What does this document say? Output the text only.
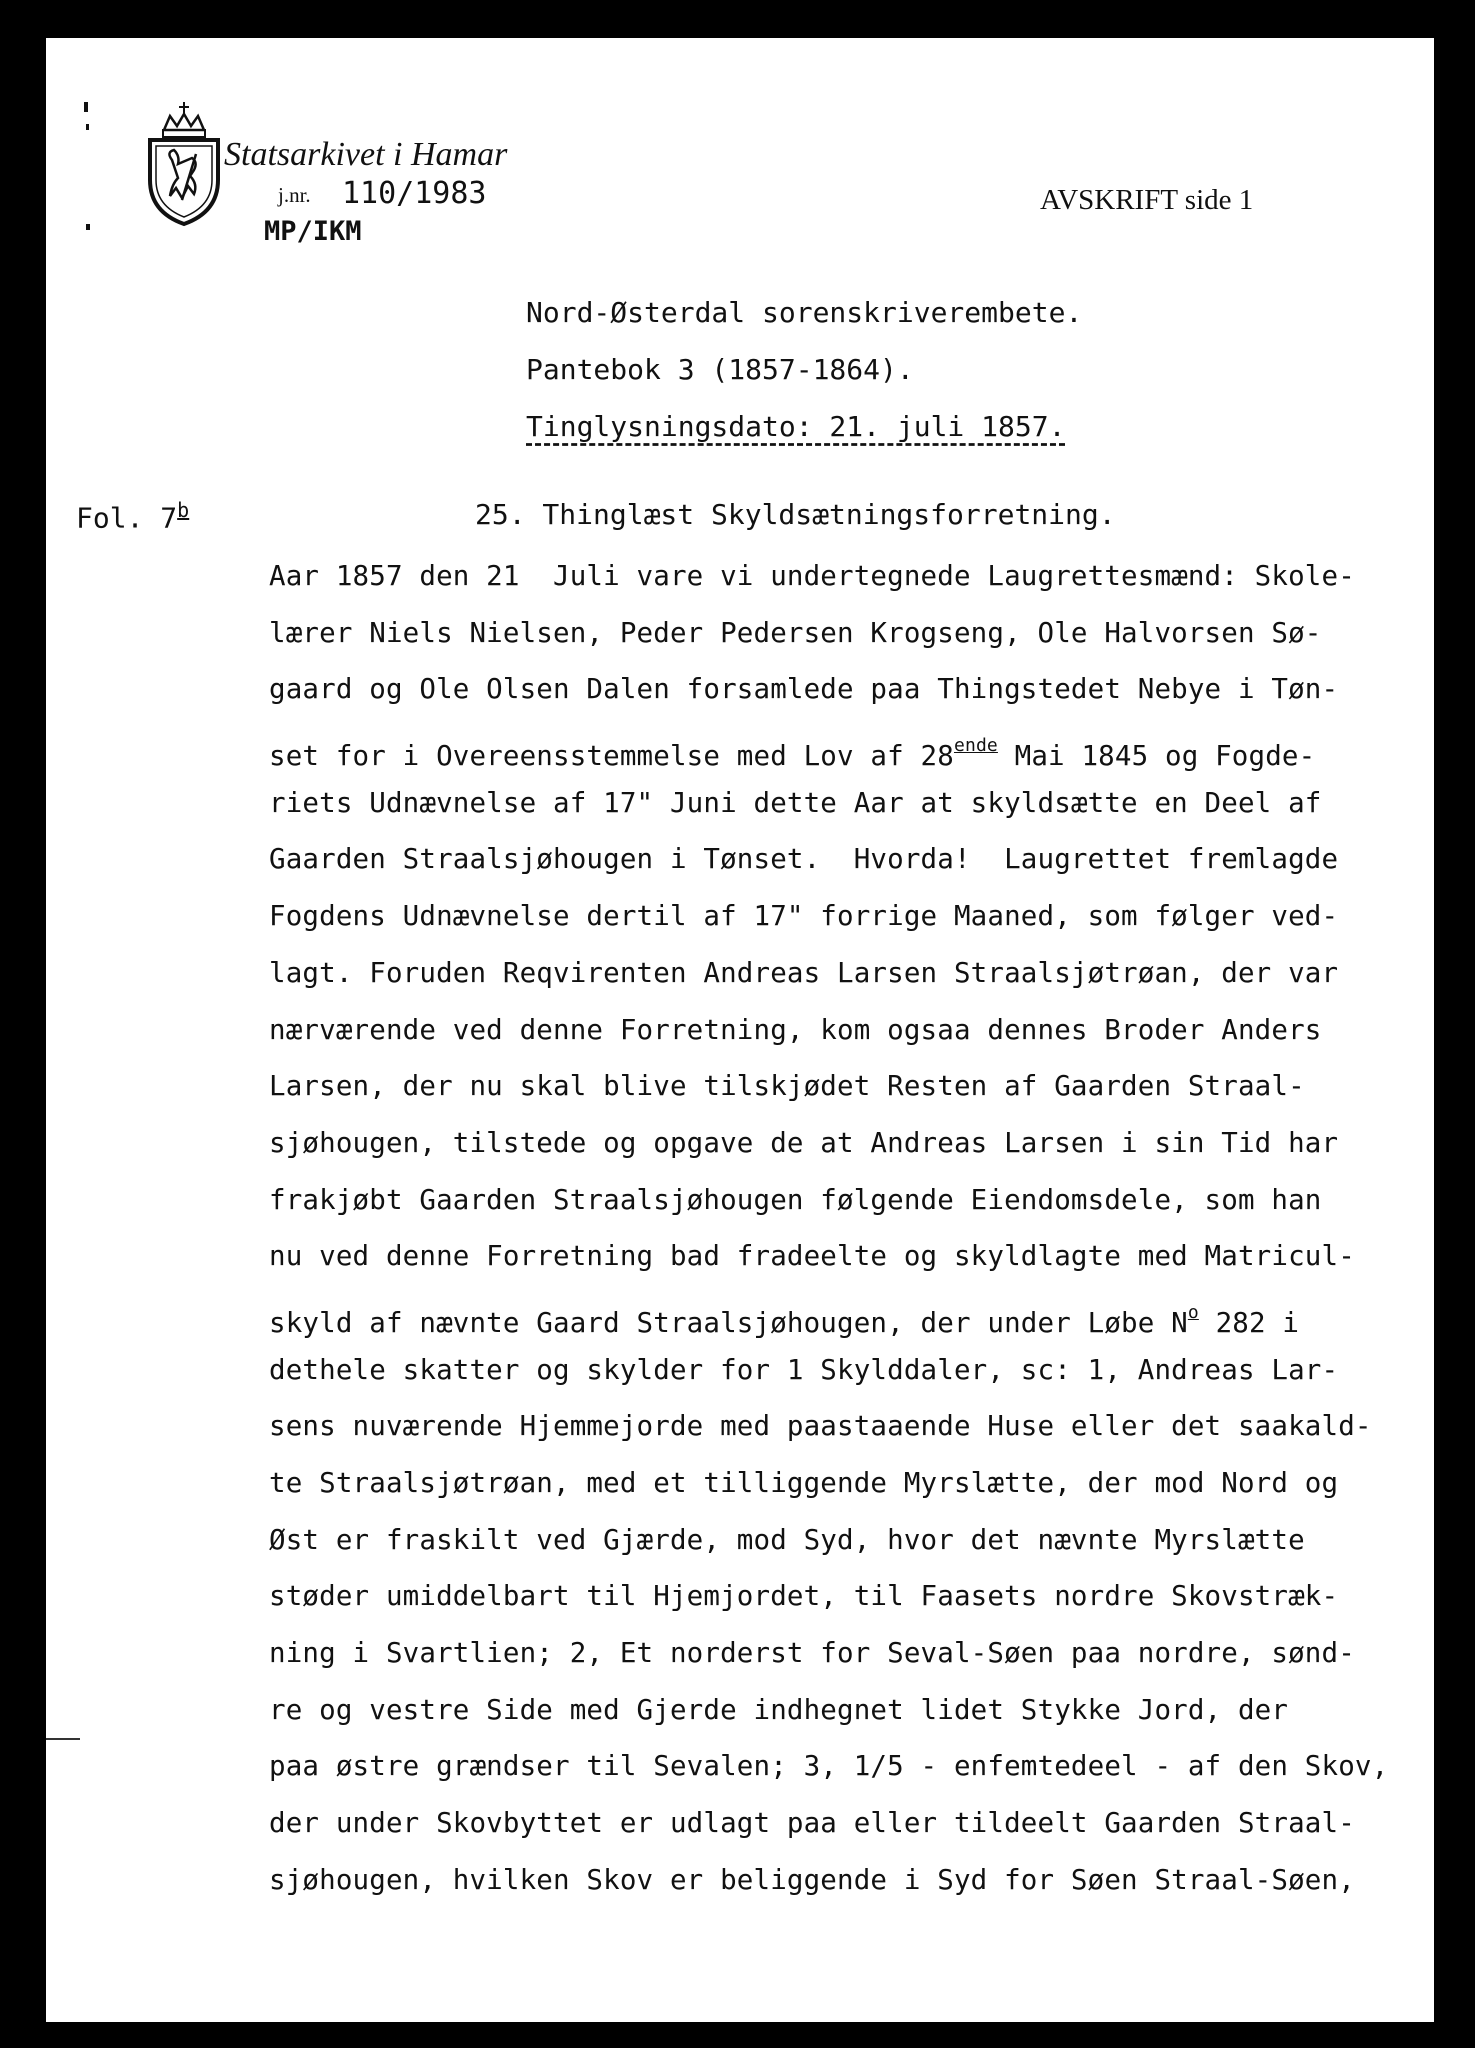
Statsarkivet i Hamar
j.nr. 110/1983
MP/IKM
AVSKRIFT side 1
Nord-Østerdal sorenskriverembete.
Pantebok 3 (1857-1864).
Tinglysningsdato: 21. juli 1857.
Fol. 7$^b$	25. Thinglæst Skyldsætningsforretning.
Aar 1857 den 21  Juli vare vi undertegnede Laugrettesmænd: Skole-
lærer Niels Nielsen, Peder Pedersen Krogseng, Ole Halvorsen Sø-
gaard og Ole Olsen Dalen forsamlede paa Thingstedet Nebye i Tøn-
set for i Overeensstemmelse med Lov af $28^{ende}$ Mai 1845 og Fogde-
riets Udnævnelse af 17" Juni dette Aar at skyldsætte en Deel af
Gaarden Straalsjøhougen i Tønset.  Hvorda!  Laugrettet fremlagde
Fogdens Udnævnelse dertil af 17" forrige Maaned, som følger ved-
lagt. Foruden Reqvirenten Andreas Larsen Straalsjøtrøan, der var
nærværende ved denne Forretning, kom ogsaa dennes Broder Anders
Larsen, der nu skal blive tilskjødet Resten af Gaarden Straal-
sjøhougen, tilstede og opgave de at Andreas Larsen i sin Tid har
frakjøbt Gaarden Straalsjøhougen følgende Eiendomsdele, som han
nu ved denne Forretning bad fradeelte og skyldlagte med Matricul-
skyld af nævnte Gaard Straalsjøhougen, der under Løbe $N^o$ 282 i
dethele skatter og skylder for 1 Skylddaler, sc: 1, Andreas Lar-
sens nuværende Hjemmejorde med paastaaende Huse eller det saakald-
te Straalsjøtrøan, med et tilliggende Myrslætte, der mod Nord og
Øst er fraskilt ved Gjærde, mod Syd, hvor det nævnte Myrslætte
støder umiddelbart til Hjemjordet, til Faasets nordre Skovstræk-
ning i Svartlien; 2, Et norderst for Seval-Søen paa nordre, sønd-
re og vestre Side med Gjerde indhegnet lidet Stykke Jord, der
paa østre grændser til Sevalen; 3, 1/5 - enfemtedeel - af den Skov,
der under Skovbyttet er udlagt paa eller tildeelt Gaarden Straal-
sjøhougen, hvilken Skov er beliggende i Syd for Søen Straal-Søen,
